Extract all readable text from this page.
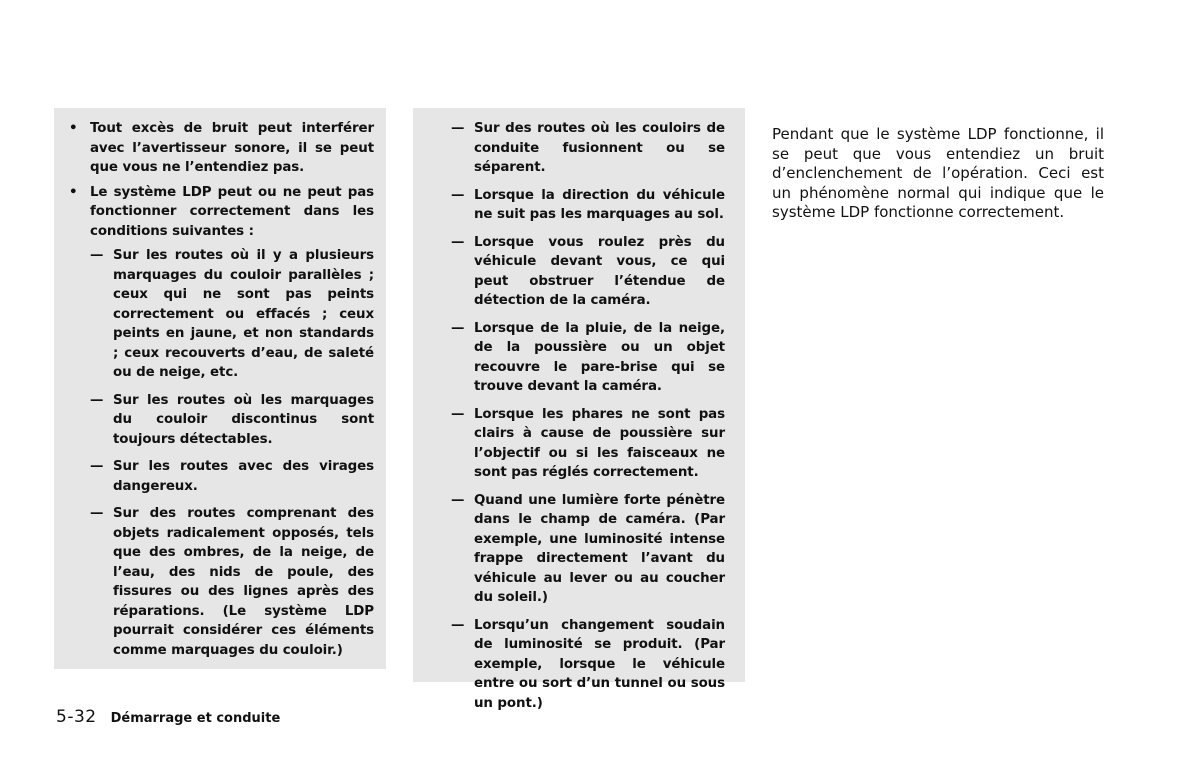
• Tout excès de bruit peut interférer avec l’avertisseur sonore, il se peut que vous ne l’entendiez pas.
• Le système LDP peut ou ne peut pas fonctionner correctement dans les conditions suivantes :
— Sur les routes où il y a plusieurs marquages du couloir parallèles ; ceux qui ne sont pas peints correctement ou effacés ; ceux peints en jaune, et non standards ; ceux recouverts d’eau, de saleté ou de neige, etc.
— Sur les routes où les marquages du couloir discontinus sont toujours détectables.
— Sur les routes avec des virages dangereux.
— Sur des routes comprenant des objets radicalement opposés, tels que des ombres, de la neige, de l’eau, des nids de poule, des fissures ou des lignes après des réparations. (Le système LDP pourrait considérer ces éléments comme marquages du couloir.)
— Sur des routes où les couloirs de conduite fusionnent ou se séparent.
— Lorsque la direction du véhicule ne suit pas les marquages au sol.
— Lorsque vous roulez près du véhicule devant vous, ce qui peut obstruer l’étendue de détection de la caméra.
— Lorsque de la pluie, de la neige, de la poussière ou un objet recouvre le pare-brise qui se trouve devant la caméra.
— Lorsque les phares ne sont pas clairs à cause de poussière sur l’objectif ou si les faisceaux ne sont pas réglés correctement.
— Quand une lumière forte pénètre dans le champ de caméra. (Par exemple, une luminosité intense frappe directement l’avant du véhicule au lever ou au coucher du soleil.)
— Lorsqu’un changement soudain de luminosité se produit. (Par exemple, lorsque le véhicule entre ou sort d’un tunnel ou sous un pont.)

Pendant que le système LDP fonctionne, il se peut que vous entendiez un bruit d’enclenchement de l’opération. Ceci est un phénomène normal qui indique que le système LDP fonctionne correctement.

5-32 Démarrage et conduite
